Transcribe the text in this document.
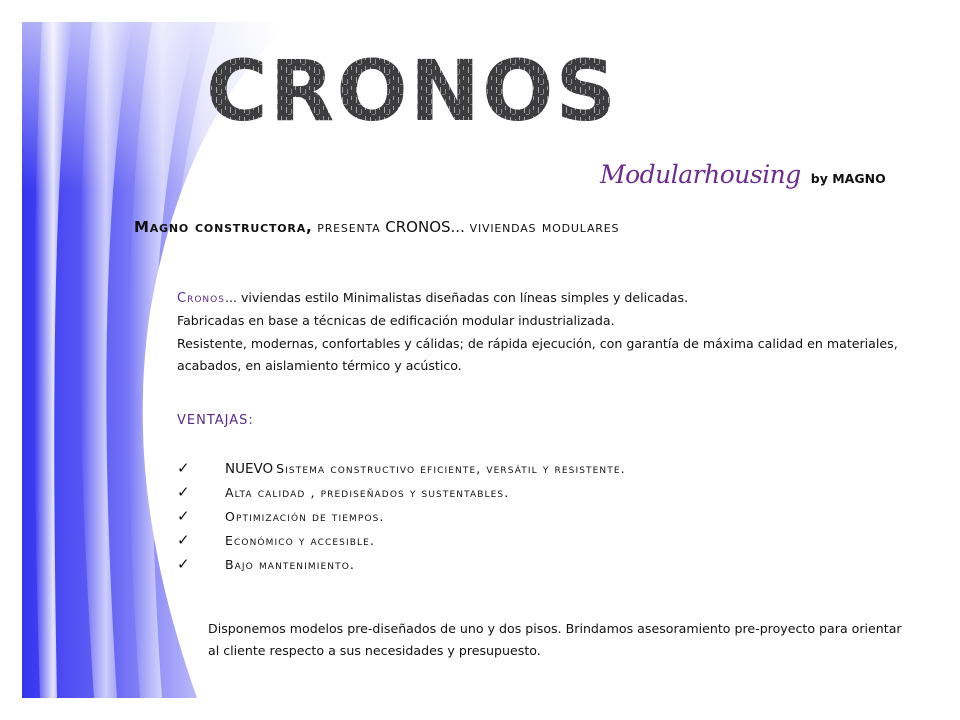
CRONOS
Modularhousing by MAGNO
Magno constructora, presenta CRONOS... viviendas modulares
Cronos... viviendas estilo Minimalistas diseñadas con líneas simples y delicadas.
Fabricadas en base a técnicas de edificación modular industrializada.
Resistente, modernas, confortables y cálidas; de rápida ejecución, con garantía de máxima calidad en materiales, acabados, en aislamiento térmico y acústico.
VENTAJAS:
✓	NUEVO Sistema constructivo eficiente, versátil y resistente.
✓	Alta calidad , prediseñados y sustentables.
✓	Optimización de tiempos.
✓	Económico y accesible.
✓	Bajo mantenimiento.
Disponemos modelos pre-diseñados de uno y dos pisos. Brindamos asesoramiento pre-proyecto para orientar al cliente respecto a sus necesidades y presupuesto.
